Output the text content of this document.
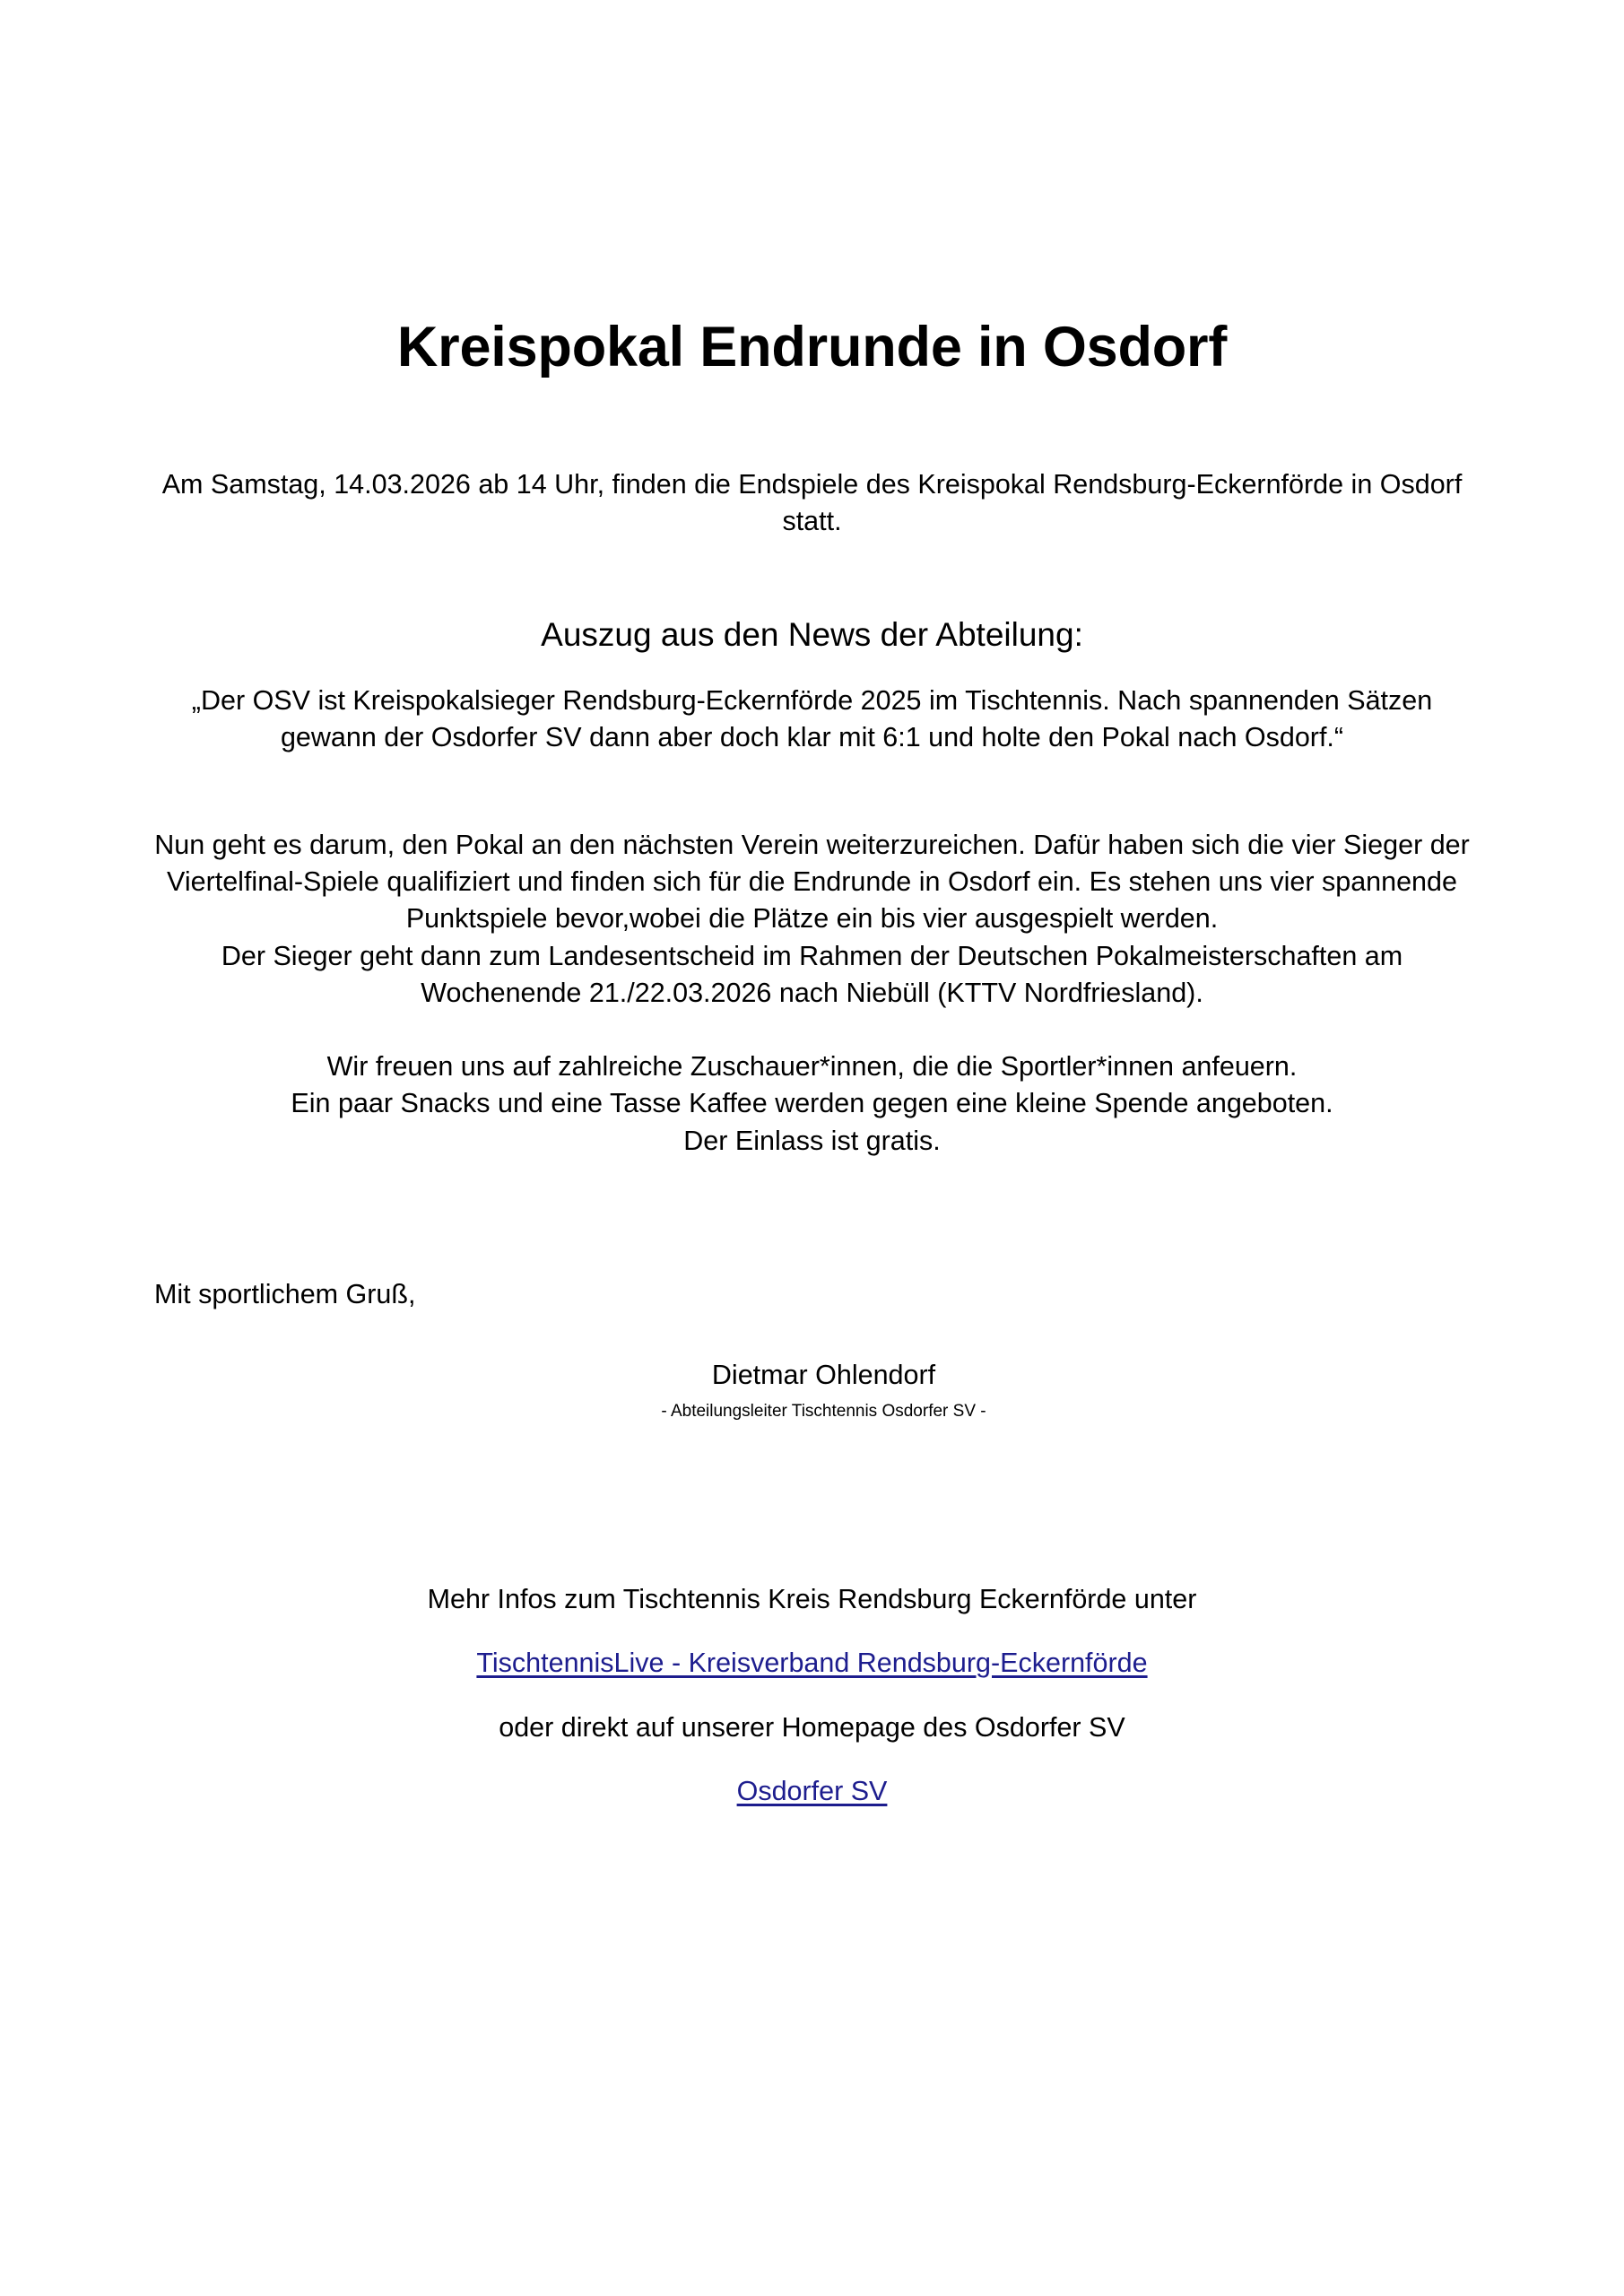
Kreispokal Endrunde in Osdorf

Am Samstag, 14.03.2026 ab 14 Uhr, finden die Endspiele des Kreispokal Rendsburg-Eckernförde in Osdorf statt.

Auszug aus den News der Abteilung:

„Der OSV ist Kreispokalsieger Rendsburg-Eckernförde 2025 im Tischtennis. Nach spannenden Sätzen gewann der Osdorfer SV dann aber doch klar mit 6:1 und holte den Pokal nach Osdorf.“

Nun geht es darum, den Pokal an den nächsten Verein weiterzureichen. Dafür haben sich die vier Sieger der Viertelfinal-Spiele qualifiziert und finden sich für die Endrunde in Osdorf ein. Es stehen uns vier spannende Punktspiele bevor,wobei die Plätze ein bis vier ausgespielt werden.

Der Sieger geht dann zum Landesentscheid im Rahmen der Deutschen Pokalmeisterschaften am Wochenende 21./22.03.2026 nach Niebüll (KTTV Nordfriesland).

Wir freuen uns auf zahlreiche Zuschauer*innen, die die Sportler*innen anfeuern.

Ein paar Snacks und eine Tasse Kaffee werden gegen eine kleine Spende angeboten.

Der Einlass ist gratis.

Mit sportlichem Gruß,

Dietmar Ohlendorf

- Abteilungsleiter Tischtennis Osdorfer SV -

Mehr Infos zum Tischtennis Kreis Rendsburg Eckernförde unter

TischtennisLive - Kreisverband Rendsburg-Eckernförde

oder direkt auf unserer Homepage des Osdorfer SV

Osdorfer SV
